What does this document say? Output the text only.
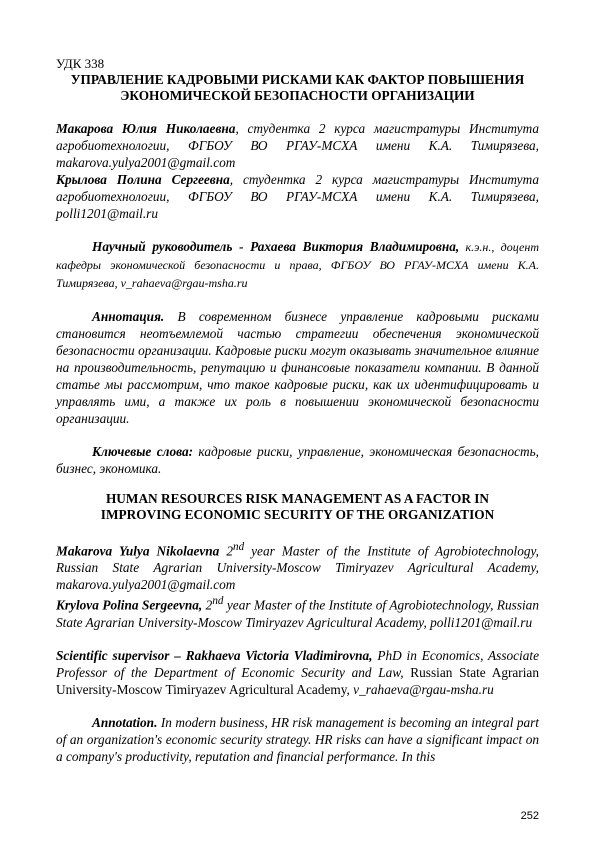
УДК 338

УПРАВЛЕНИЕ КАДРОВЫМИ РИСКАМИ КАК ФАКТОР ПОВЫШЕНИЯ
ЭКОНОМИЧЕСКОЙ БЕЗОПАСНОСТИ ОРГАНИЗАЦИИ

Макарова Юлия Николаевна, студентка 2 курса магистратуры Института агробиотехнологии, ФГБОУ ВО РГАУ-МСХА имени К.А. Тимирязева, makarova.yulya2001@gmail.com

Крылова Полина Сергеевна, студентка 2 курса магистратуры Института агробиотехнологии, ФГБОУ ВО РГАУ-МСХА имени К.А. Тимирязева, polli1201@mail.ru

Научный руководитель - Рахаева Виктория Владимировна, к.э.н., доцент кафедры экономической безопасности и права, ФГБОУ ВО РГАУ-МСХА имени К.А. Тимирязева, v_rahaeva@rgau-msha.ru

Аннотация. В современном бизнесе управление кадровыми рисками становится неотъемлемой частью стратегии обеспечения экономической безопасности организации. Кадровые риски могут оказывать значительное влияние на производительность, репутацию и финансовые показатели компании. В данной статье мы рассмотрим, что такое кадровые риски, как их идентифицировать и управлять ими, а также их роль в повышении экономической безопасности организации.

Ключевые слова: кадровые риски, управление, экономическая безопасность, бизнес, экономика.

HUMAN RESOURCES RISK MANAGEMENT AS A FACTOR IN
IMPROVING ECONOMIC SECURITY OF THE ORGANIZATION

Makarova Yulya Nikolaevna 2nd year Master of the Institute of Agrobiotechnology, Russian State Agrarian University-Moscow Timiryazev Agricultural Academy, makarova.yulya2001@gmail.com

Krylova Polina Sergeevna, 2nd year Master of the Institute of Agrobiotechnology, Russian State Agrarian University-Moscow Timiryazev Agricultural Academy, polli1201@mail.ru

Scientific supervisor – Rakhaeva Victoria Vladimirovna, PhD in Economics, Associate Professor of the Department of Economic Security and Law, Russian State Agrarian University-Moscow Timiryazev Agricultural Academy, v_rahaeva@rgau-msha.ru

Annotation. In modern business, HR risk management is becoming an integral part of an organization's economic security strategy. HR risks can have a significant impact on a company's productivity, reputation and financial performance. In this

252
